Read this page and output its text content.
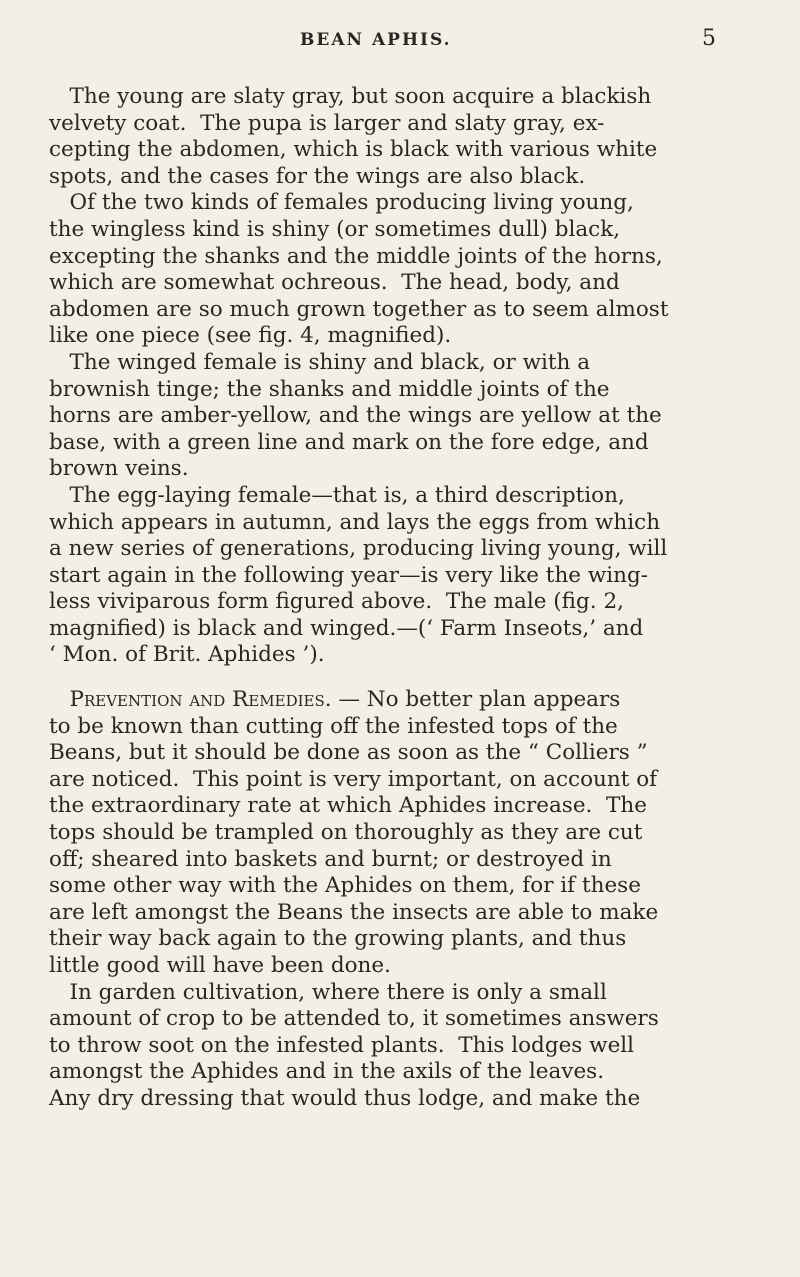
BEAN APHIS.	5
The young are slaty gray, but soon acquire a blackish
velvety coat.  The pupa is larger and slaty gray, ex-
cepting the abdomen, which is black with various white
spots, and the cases for the wings are also black.
Of the two kinds of females producing living young,
the wingless kind is shiny (or sometimes dull) black,
excepting the shanks and the middle joints of the horns,
which are somewhat ochreous.  The head, body, and
abdomen are so much grown together as to seem almost
like one piece (see fig. 4, magnified).
The winged female is shiny and black, or with a
brownish tinge; the shanks and middle joints of the
horns are amber-yellow, and the wings are yellow at the
base, with a green line and mark on the fore edge, and
brown veins.
The egg-laying female—that is, a third description,
which appears in autumn, and lays the eggs from which
a new series of generations, producing living young, will
start again in the following year—is very like the wing-
less viviparous form figured above.  The male (fig. 2,
magnified) is black and winged.—(‘ Farm Inseots,’ and
‘ Mon. of Brit. Aphides ’).
Prevention and Remedies. — No better plan appears
to be known than cutting off the infested tops of the
Beans, but it should be done as soon as the “ Colliers ”
are noticed.  This point is very important, on account of
the extraordinary rate at which Aphides increase.  The
tops should be trampled on thoroughly as they are cut
off; sheared into baskets and burnt; or destroyed in
some other way with the Aphides on them, for if these
are left amongst the Beans the insects are able to make
their way back again to the growing plants, and thus
little good will have been done.
In garden cultivation, where there is only a small
amount of crop to be attended to, it sometimes answers
to throw soot on the infested plants.  This lodges well
amongst the Aphides and in the axils of the leaves.
Any dry dressing that would thus lodge, and make the
